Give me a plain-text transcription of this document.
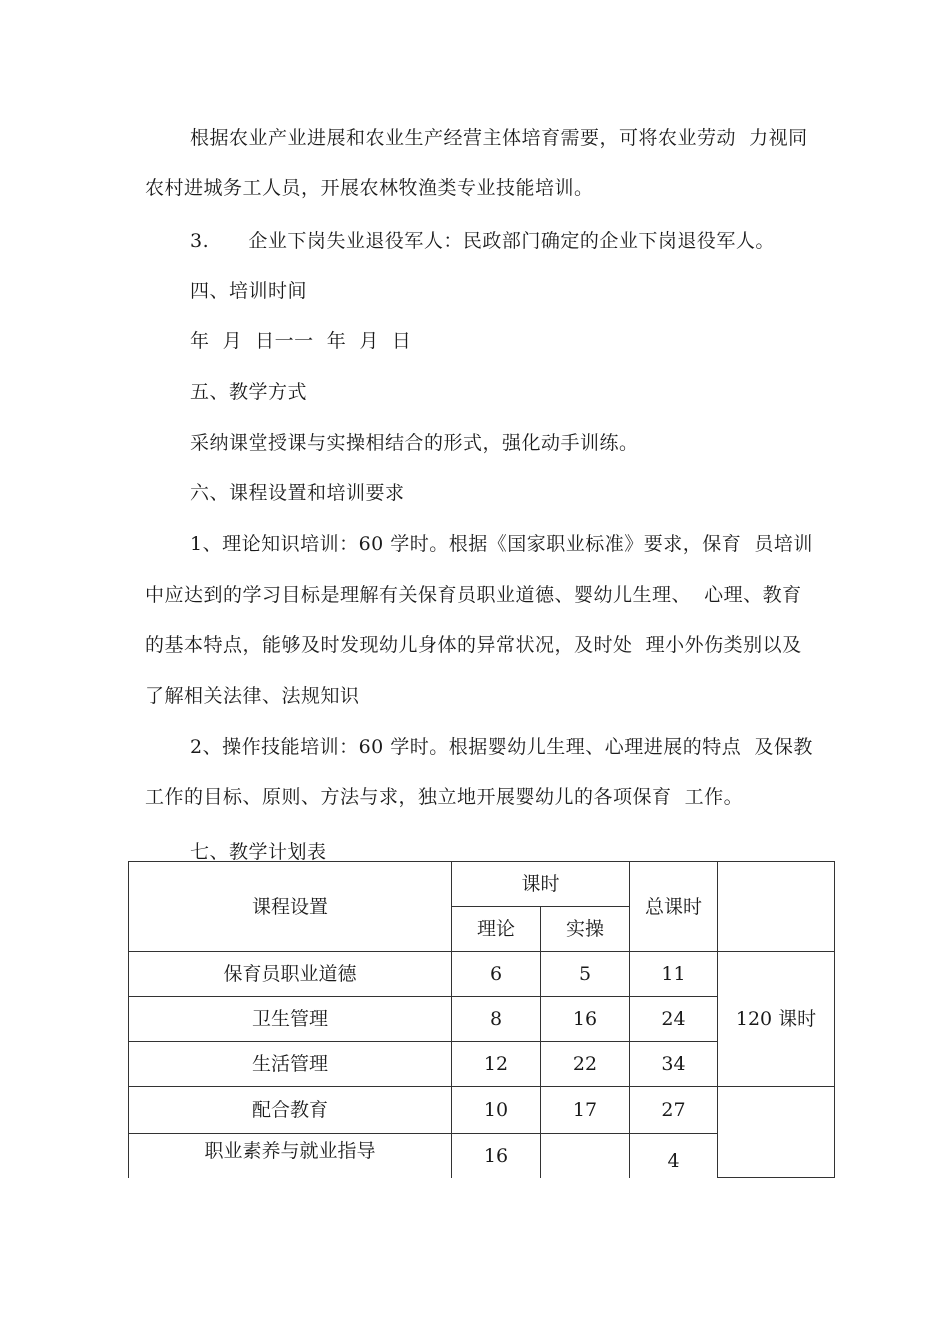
根据农业产业进展和农业生产经营主体培育需要，可将农业劳动  力视同
农村进城务工人员，开展农林牧渔类专业技能培训。
3.      企业下岗失业退役军人：民政部门确定的企业下岗退役军人。
四、培训时间
年  月  日一一  年  月  日
五、教学方式
采纳课堂授课与实操相结合的形式，强化动手训练。
六、课程设置和培训要求
1、理论知识培训：60 学时。根据《国家职业标准》要求，保育  员培训
中应达到的学习目标是理解有关保育员职业道德、婴幼儿生理、  心理、教育
的基本特点，能够及时发现幼儿身体的异常状况，及时处  理小外伤类别以及
了解相关法律、法规知识
2、操作技能培训：60 学时。根据婴幼儿生理、心理进展的特点  及保教
工作的目标、原则、方法与求，独立地开展婴幼儿的各项保育  工作。
七、教学计划表
课程设置	课时		总课时	
	理论	实操		
保育员职业道德	6	5	11	120 课时
卫生管理	8	16	24	
生活管理	12	22	34	
配合教育	10	17	27	
职业素养与就业指导	16		4	
